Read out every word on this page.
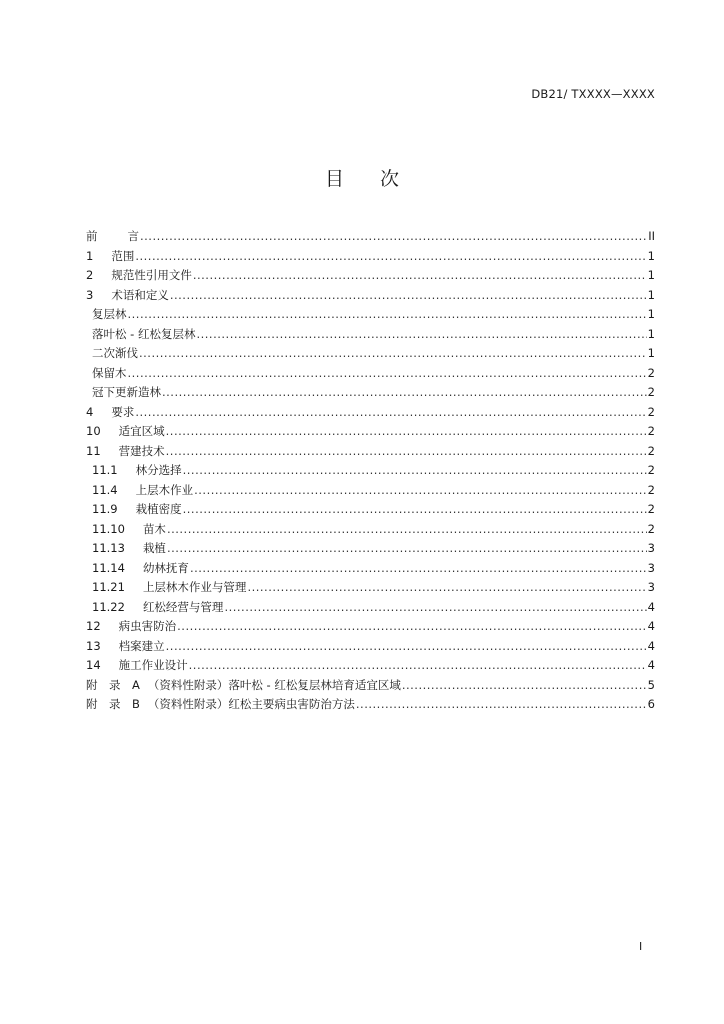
DB21/ TXXXX—XXXX
目次
前	言 .....	II
1 范围 .....	1
2 规范性引用文件 .....	1
3 术语和定义 .....	1
复层林 .....	1
落叶松 - 红松复层林 .....	1
二次渐伐 .....	1
保留木 .....	2
冠下更新造林 .....	2
4 要求 .....	2
10 适宜区域 .....	2
11 营建技术 .....	2
11.1 林分选择 .....	2
11.4 上层木作业 .....	2
11.9 栽植密度 .....	2
11.10 苗木 .....	2
11.13 栽植 .....	3
11.14 幼林抚育 .....	3
11.21 上层林木作业与管理 .....	3
11.22 红松经营与管理 .....	4
12 病虫害防治 .....	4
13 档案建立 .....	4
14 施工作业设计 .....	4
附　录　A （资料性附录）落叶松 - 红松复层林培育适宜区域 .....	5
附　录　B （资料性附录）红松主要病虫害防治方法 .....	6
I
